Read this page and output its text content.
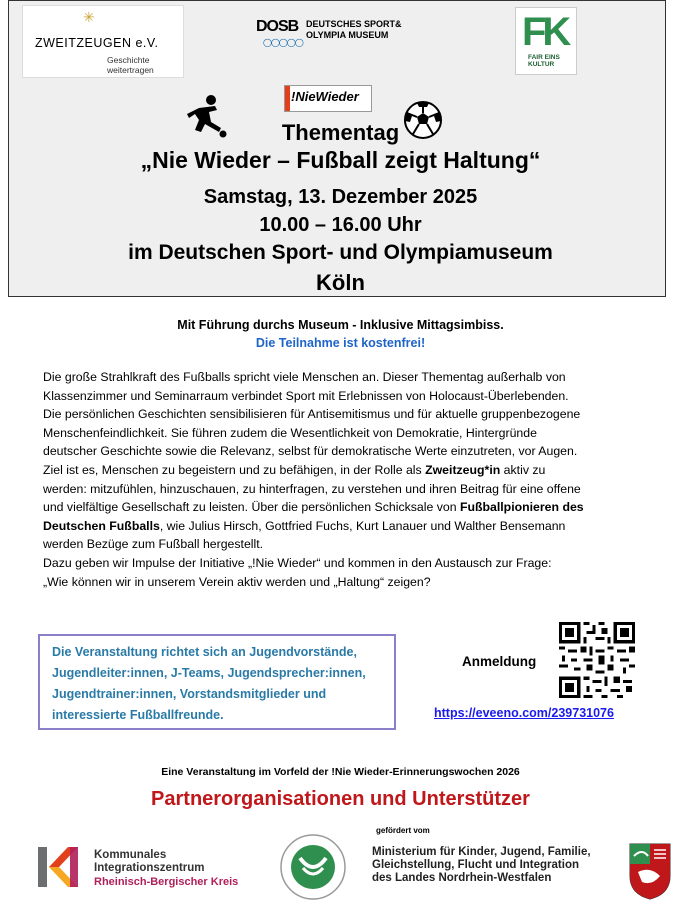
✳
ZWEITZEUGEN e.V.
Geschichte
weitertragen
DOSB
◯◯◯◯◯
DEUTSCHES SPORT&
OLYMPIA MUSEUM	FK
FAIR EINS
KULTUR
!NieWieder
Thementag
„Nie Wieder – Fußball zeigt Haltung“
Samstag, 13. Dezember 2025
10.00 – 16.00 Uhr
im Deutschen Sport- und Olympiamuseum
Köln
Mit Führung durchs Museum - Inklusive Mittagsimbiss.
Die Teilnahme ist kostenfrei!

Die große Strahlkraft des Fußballs spricht viele Menschen an. Dieser Thementag außerhalb von

Klassenzimmer und Seminarraum verbindet Sport mit Erlebnissen von Holocaust-Überlebenden.

Die persönlichen Geschichten sensibilisieren für Antisemitismus und für aktuelle gruppenbezogene

Menschenfeindlichkeit. Sie führen zudem die Wesentlichkeit von Demokratie, Hintergründe

deutscher Geschichte sowie die Relevanz, selbst für demokratische Werte einzutreten, vor Augen.

Ziel ist es, Menschen zu begeistern und zu befähigen, in der Rolle als Zweitzeug*in aktiv zu

werden: mitzufühlen, hinzuschauen, zu hinterfragen, zu verstehen und ihren Beitrag für eine offene

und vielfältige Gesellschaft zu leisten. Über die persönlichen Schicksale von Fußballpionieren des

Deutschen Fußballs, wie Julius Hirsch, Gottfried Fuchs, Kurt Lanauer und Walther Bensemann

werden Bezüge zum Fußball hergestellt.

Dazu geben wir Impulse der Initiative „!Nie Wieder“ und kommen in den Austausch zur Frage:

„Wie können wir in unserem Verein aktiv werden und „Haltung“ zeigen?

Die Veranstaltung richtet sich an Jugendvorstände,
Jugendleiter:innen, J-Teams, Jugendsprecher:innen,
Jugendtrainer:innen, Vorstandsmitglieder und
interessierte Fußballfreunde.
Anmeldung
https://eveeno.com/239731076
Eine Veranstaltung im Vorfeld der !Nie Wieder-Erinnerungswochen 2026
Partnerorganisationen und Unterstützer
Kommunales
Integrationszentrum
Rheinisch-Bergischer Kreis
gefördert vom
Ministerium für Kinder, Jugend, Familie,
Gleichstellung, Flucht und Integration
des Landes Nordrhein-Westfalen
